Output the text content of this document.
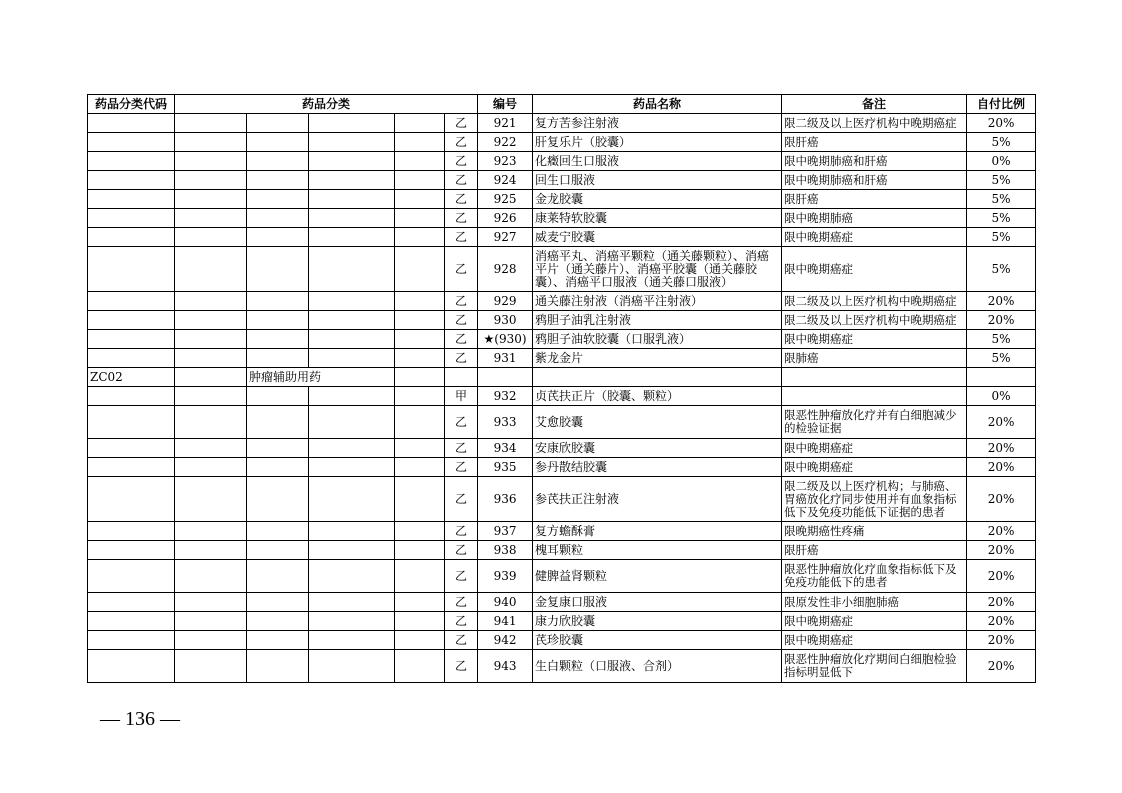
药品分类代码	药品分类					编号	药品名称	备注	自付比例
					乙	921	复方苦参注射液	限二级及以上医疗机构中晚期癌症	20%
					乙	922	肝复乐片（胶囊）	限肝癌	5%
					乙	923	化癥回生口服液	限中晚期肺癌和肝癌	0%
					乙	924	回生口服液	限中晚期肺癌和肝癌	5%
					乙	925	金龙胶囊	限肝癌	5%
					乙	926	康莱特软胶囊	限中晚期肺癌	5%
					乙	927	威麦宁胶囊	限中晚期癌症	5%
					乙	928	消癌平丸、消癌平颗粒（通关藤颗粒）、消癌平片（通关藤片）、消癌平胶囊（通关藤胶囊）、消癌平口服液（通关藤口服液）	限中晚期癌症	5%
					乙	929	通关藤注射液（消癌平注射液）	限二级及以上医疗机构中晚期癌症	20%
					乙	930	鸦胆子油乳注射液	限二级及以上医疗机构中晚期癌症	20%
					乙	★(930)	鸦胆子油软胶囊（口服乳液）	限中晚期癌症	5%
					乙	931	紫龙金片	限肺癌	5%
ZC02		肿瘤辅助用药							
					甲	932	贞芪扶正片（胶囊、颗粒）		0%
					乙	933	艾愈胶囊	限恶性肿瘤放化疗并有白细胞减少的检验证据	20%
					乙	934	安康欣胶囊	限中晚期癌症	20%
					乙	935	参丹散结胶囊	限中晚期癌症	20%
					乙	936	参芪扶正注射液	限二级及以上医疗机构；与肺癌、胃癌放化疗同步使用并有血象指标低下及免疫功能低下证据的患者	20%
					乙	937	复方蟾酥膏	限晚期癌性疼痛	20%
					乙	938	槐耳颗粒	限肝癌	20%
					乙	939	健脾益肾颗粒	限恶性肿瘤放化疗血象指标低下及免疫功能低下的患者	20%
					乙	940	金复康口服液	限原发性非小细胞肺癌	20%
					乙	941	康力欣胶囊	限中晚期癌症	20%
					乙	942	芪珍胶囊	限中晚期癌症	20%
					乙	943	生白颗粒（口服液、合剂）	限恶性肿瘤放化疗期间白细胞检验指标明显低下	20%
— 136 —
